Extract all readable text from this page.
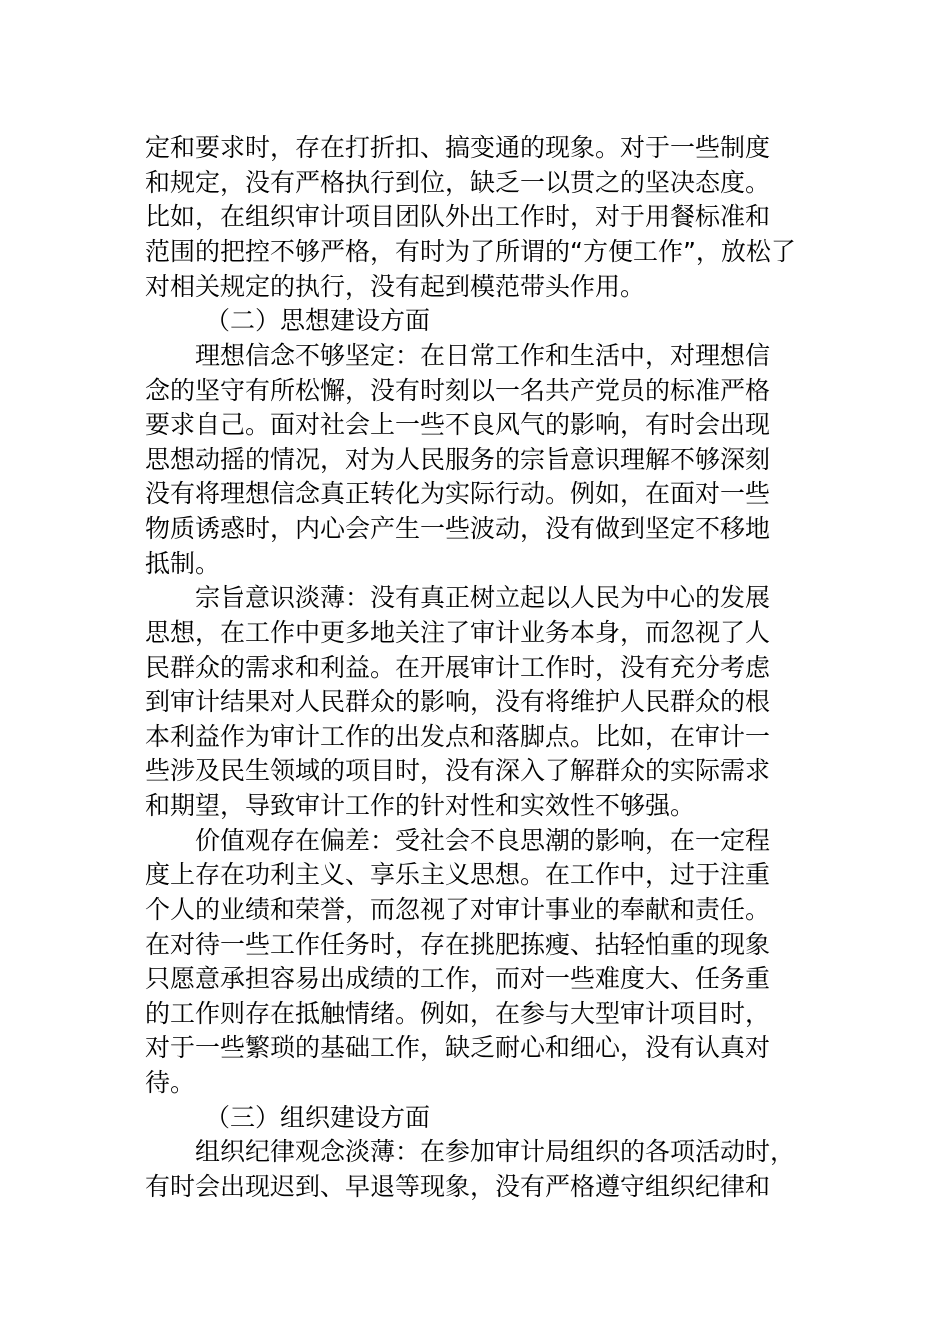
定和要求时，存在打折扣、搞变通的现象。对于一些制度
和规定，没有严格执行到位，缺乏一以贯之的坚决态度。
比如，在组织审计项目团队外出工作时，对于用餐标准和
范围的把控不够严格，有时为了所谓的“方便工作”，放松了
对相关规定的执行，没有起到模范带头作用。
（二）思想建设方面
理想信念不够坚定：在日常工作和生活中，对理想信
念的坚守有所松懈，没有时刻以一名共产党员的标准严格
要求自己。面对社会上一些不良风气的影响，有时会出现
思想动摇的情况，对为人民服务的宗旨意识理解不够深刻
没有将理想信念真正转化为实际行动。例如，在面对一些
物质诱惑时，内心会产生一些波动，没有做到坚定不移地
抵制。
宗旨意识淡薄：没有真正树立起以人民为中心的发展
思想，在工作中更多地关注了审计业务本身，而忽视了人
民群众的需求和利益。在开展审计工作时，没有充分考虑
到审计结果对人民群众的影响，没有将维护人民群众的根
本利益作为审计工作的出发点和落脚点。比如，在审计一
些涉及民生领域的项目时，没有深入了解群众的实际需求
和期望，导致审计工作的针对性和实效性不够强。
价值观存在偏差：受社会不良思潮的影响，在一定程
度上存在功利主义、享乐主义思想。在工作中，过于注重
个人的业绩和荣誉，而忽视了对审计事业的奉献和责任。
在对待一些工作任务时，存在挑肥拣瘦、拈轻怕重的现象
只愿意承担容易出成绩的工作，而对一些难度大、任务重
的工作则存在抵触情绪。例如，在参与大型审计项目时，
对于一些繁琐的基础工作，缺乏耐心和细心，没有认真对
待。
（三）组织建设方面
组织纪律观念淡薄：在参加审计局组织的各项活动时，
有时会出现迟到、早退等现象，没有严格遵守组织纪律和
